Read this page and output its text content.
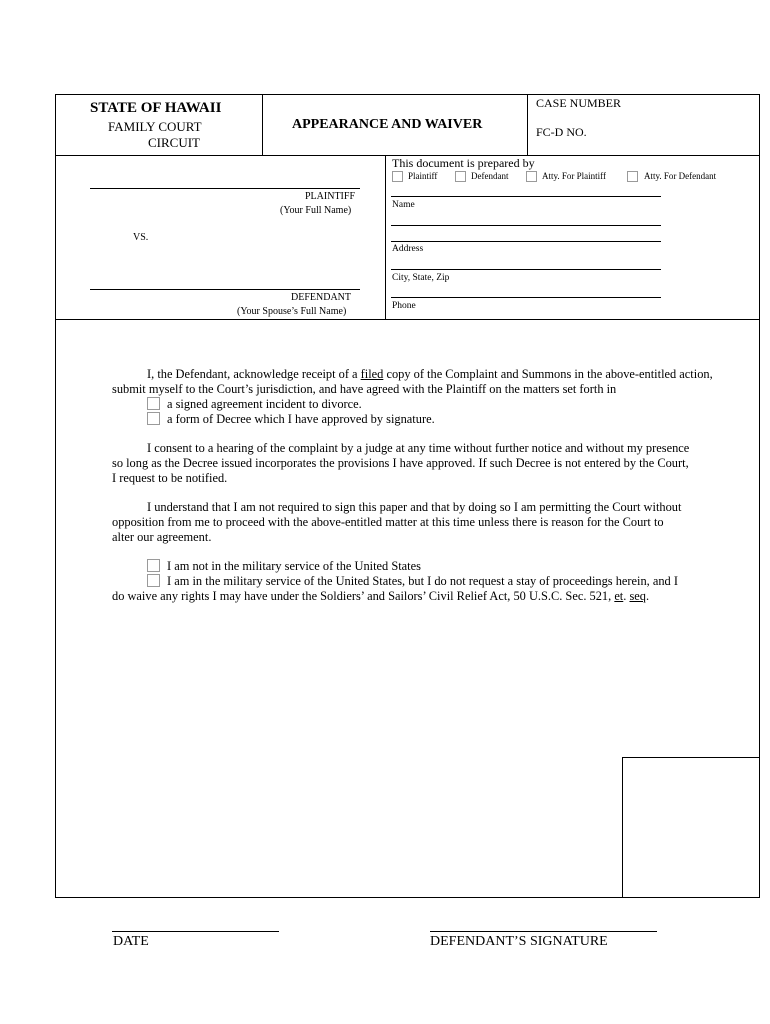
STATE OF HAWAII
FAMILY COURT
CIRCUIT
APPEARANCE AND WAIVER
CASE NUMBER
FC-D NO.
PLAINTIFF
(Your Full Name)
VS.
DEFENDANT
(Your Spouse’s Full Name)
This document is prepared by
Plaintiff	Defendant	Atty. For Plaintiff	Atty. For Defendant
Name
Address
City, State, Zip
Phone
I, the Defendant, acknowledge receipt of a filed copy of the Complaint and Summons in the above-entitled action,
submit myself to the Court’s jurisdiction, and have agreed with the Plaintiff on the matters set forth in
a signed agreement incident to divorce.
a form of Decree which I have approved by signature.
I consent to a hearing of the complaint by a judge at any time without further notice and without my presence
so long as the Decree issued incorporates the provisions I have approved. If such Decree is not entered by the Court,
I request to be notified.
I understand that I am not required to sign this paper and that by doing so I am permitting the Court without
opposition from me to proceed with the above-entitled matter at this time unless there is reason for the Court to
alter our agreement.
I am not in the military service of the United States
I am in the military service of the United States, but I do not request a stay of proceedings herein, and I
do waive any rights I may have under the Soldiers’ and Sailors’ Civil Relief Act, 50 U.S.C. Sec. 521, et. seq.
DATE	DEFENDANT’S SIGNATURE
